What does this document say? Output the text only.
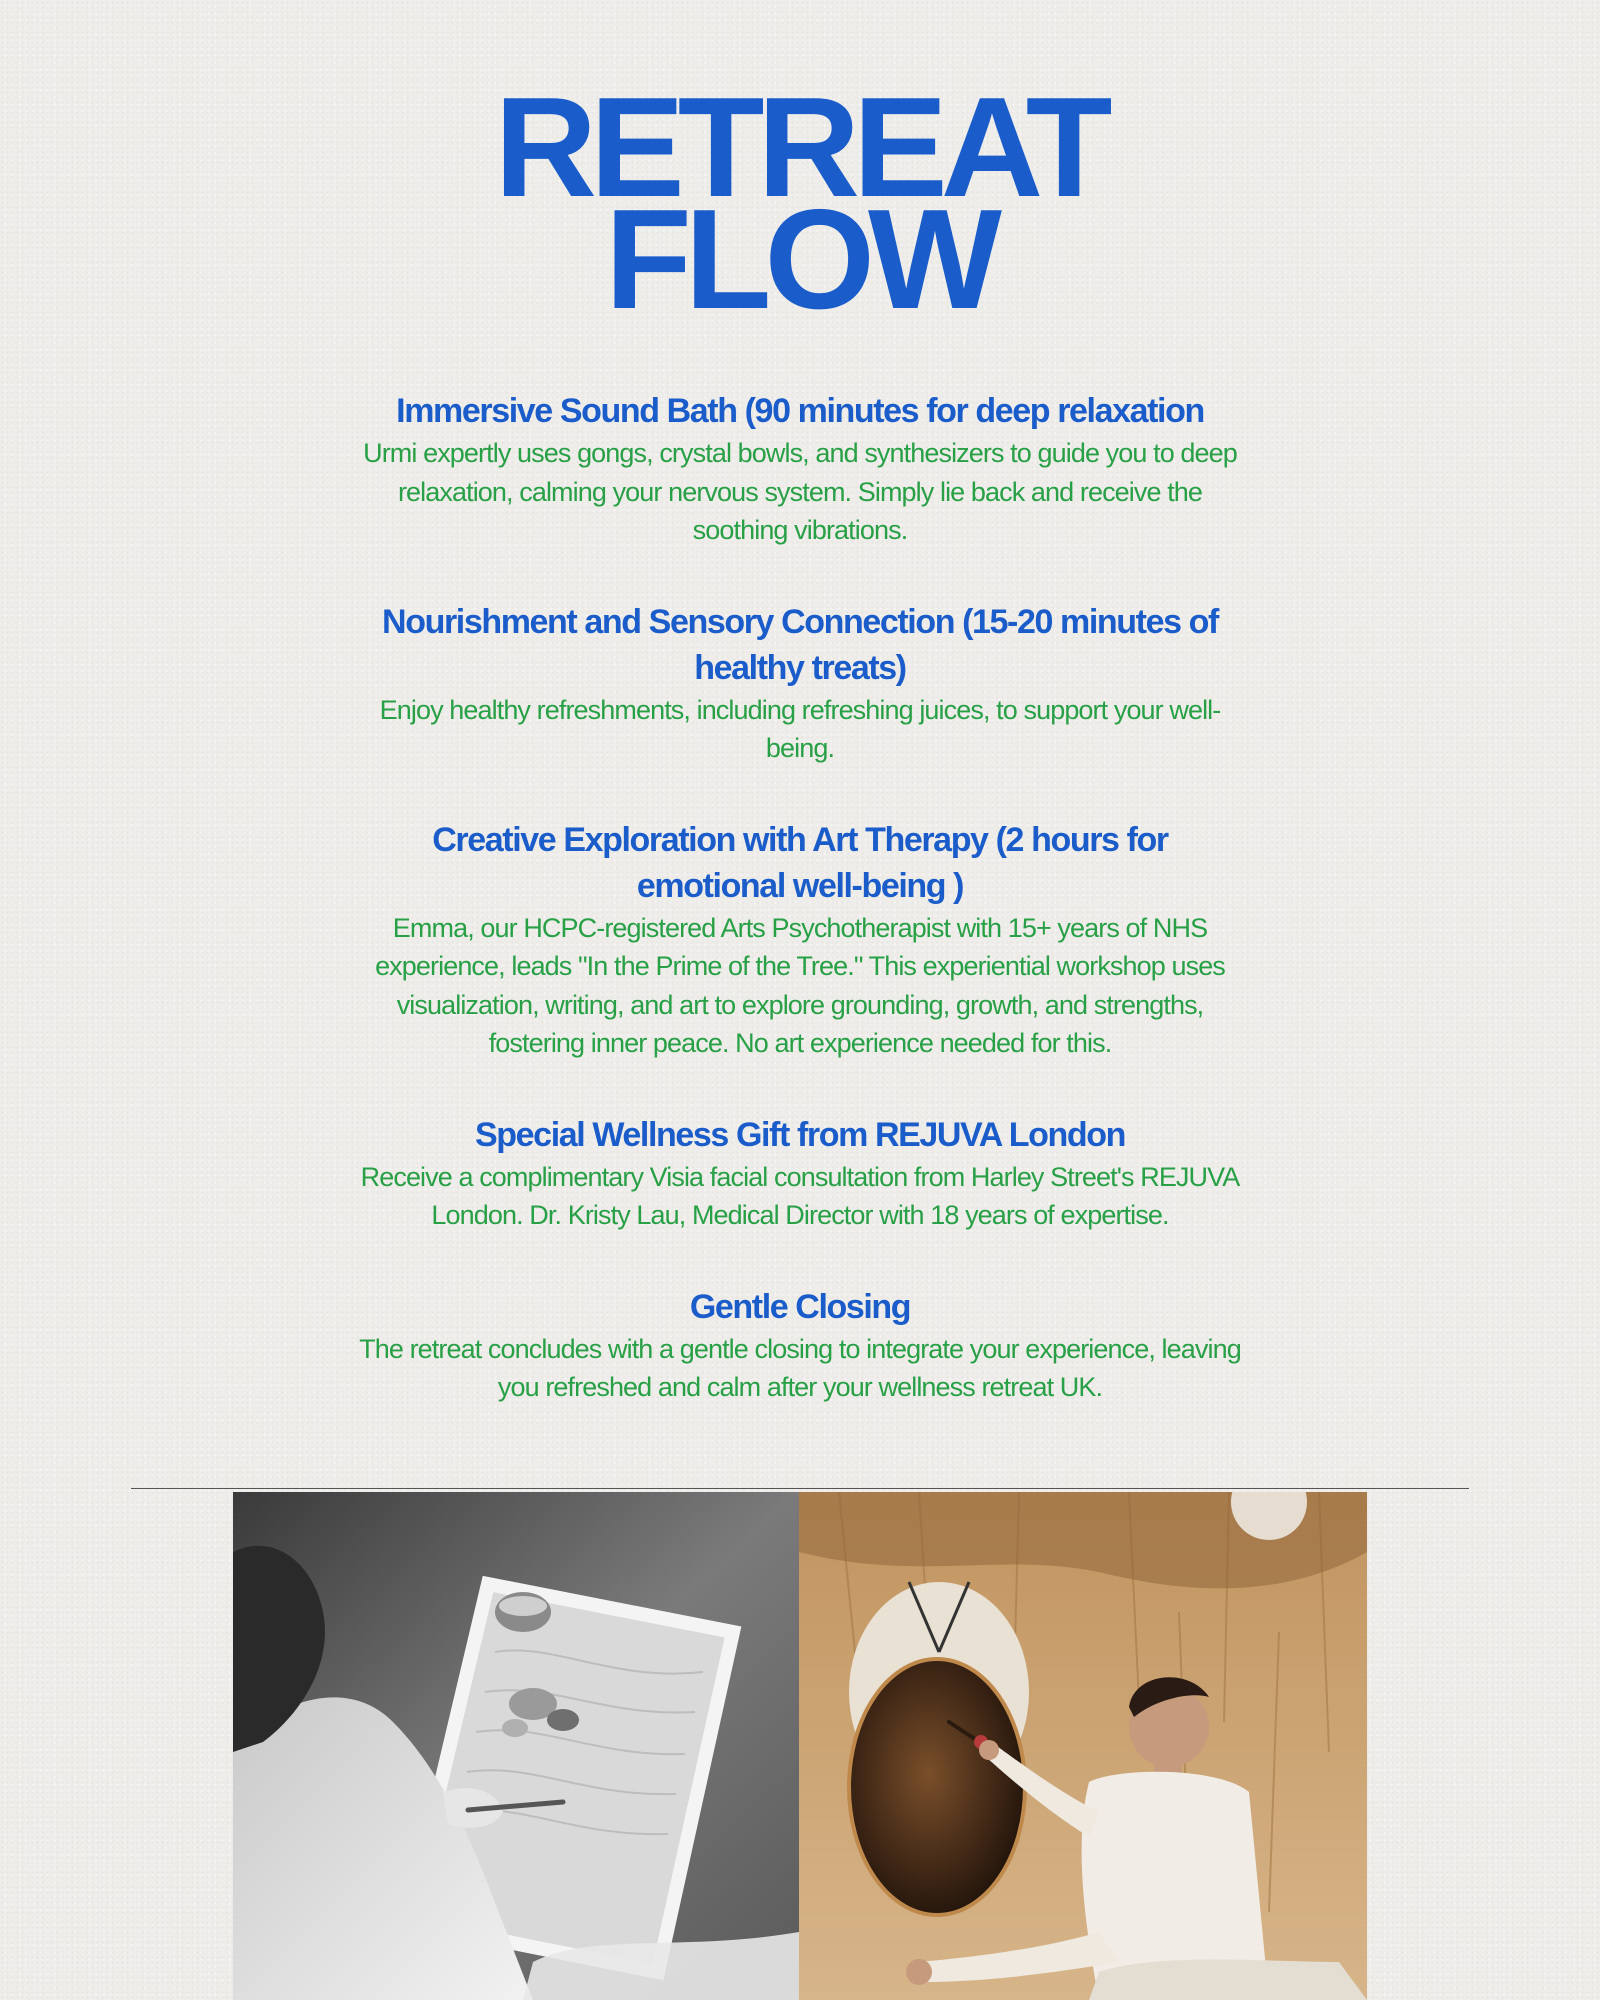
RETREAT
FLOW
Immersive Sound Bath (90 minutes for deep relaxation

Urmi expertly uses gongs, crystal bowls, and synthesizers to guide you to deep relaxation, calming your nervous system. Simply lie back and receive the soothing vibrations.

Nourishment and Sensory Connection (15-20 minutes of healthy treats)

Enjoy healthy refreshments, including refreshing juices, to support your well-being.

Creative Exploration with Art Therapy (2 hours for emotional well-being )

Emma, our HCPC-registered Arts Psychotherapist with 15+ years of NHS experience, leads "In the Prime of the Tree." This experiential workshop uses visualization, writing, and art to explore grounding, growth, and strengths, fostering inner peace. No art experience needed for this.

Special Wellness Gift from REJUVA London

Receive a complimentary Visia facial consultation from Harley Street's REJUVA London. Dr. Kristy Lau, Medical Director with 18 years of expertise.

Gentle Closing

The retreat concludes with a gentle closing to integrate your experience, leaving you refreshed and calm after your wellness retreat UK.
